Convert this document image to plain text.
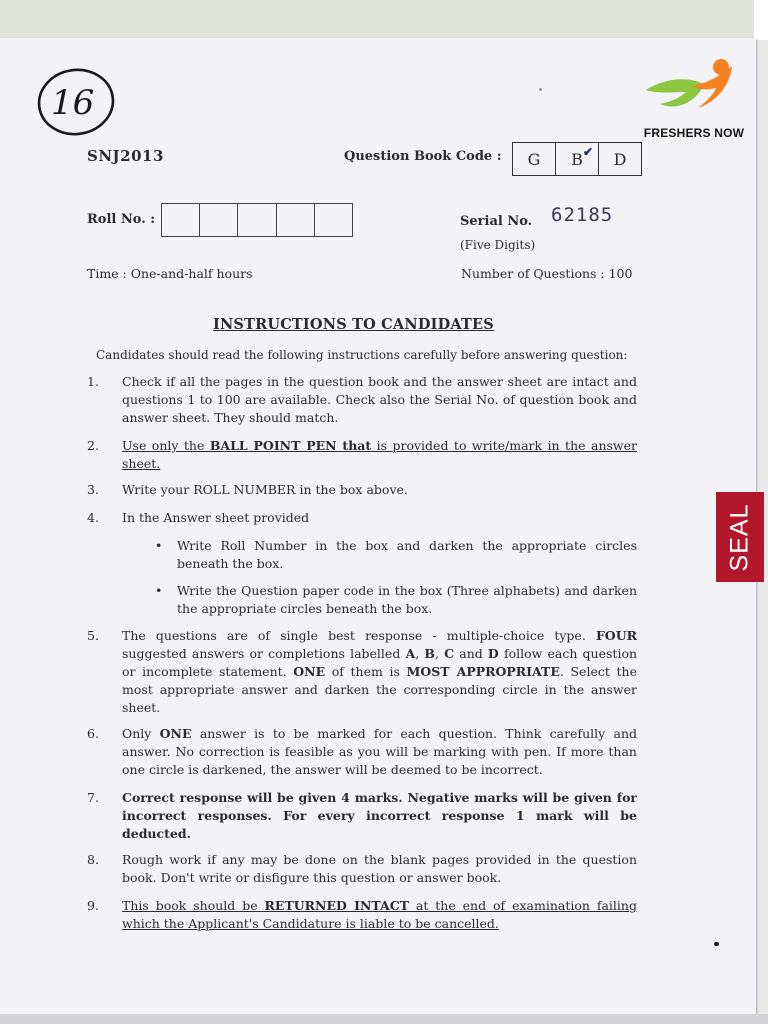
16
FRESHERS NOW
SNJ2013	Question Book Code : G B ✔ D
Roll No. :	Serial No. 62185
(Five Digits)
Time : One-and-half hours	Number of Questions : 100
INSTRUCTIONS TO CANDIDATES
Candidates should read the following instructions carefully before answering question:
1. Check if all the pages in the question book and the answer sheet are intact and questions 1 to 100 are available. Check also the Serial No. of question book and answer sheet. They should match.
2. Use only the BALL POINT PEN that is provided to write/mark in the answer sheet.
3. Write your ROLL NUMBER in the box above.
4. In the Answer sheet provided
• Write Roll Number in the box and darken the appropriate circles beneath the box.
• Write the Question paper code in the box (Three alphabets) and darken the appropriate circles beneath the box.
5. The questions are of single best response - multiple-choice type. FOUR suggested answers or completions labelled A, B, C and D follow each question or incomplete statement. ONE of them is MOST APPROPRIATE. Select the most appropriate answer and darken the corresponding circle in the answer sheet.
6. Only ONE answer is to be marked for each question. Think carefully and answer. No correction is feasible as you will be marking with pen. If more than one circle is darkened, the answer will be deemed to be incorrect.
7. Correct response will be given 4 marks. Negative marks will be given for incorrect responses. For every incorrect response 1 mark will be deducted.
8. Rough work if any may be done on the blank pages provided in the question book. Don't write or disfigure this question or answer book.
9. This book should be RETURNED INTACT at the end of examination failing which the Applicant's Candidature is liable to be cancelled.
SEAL
